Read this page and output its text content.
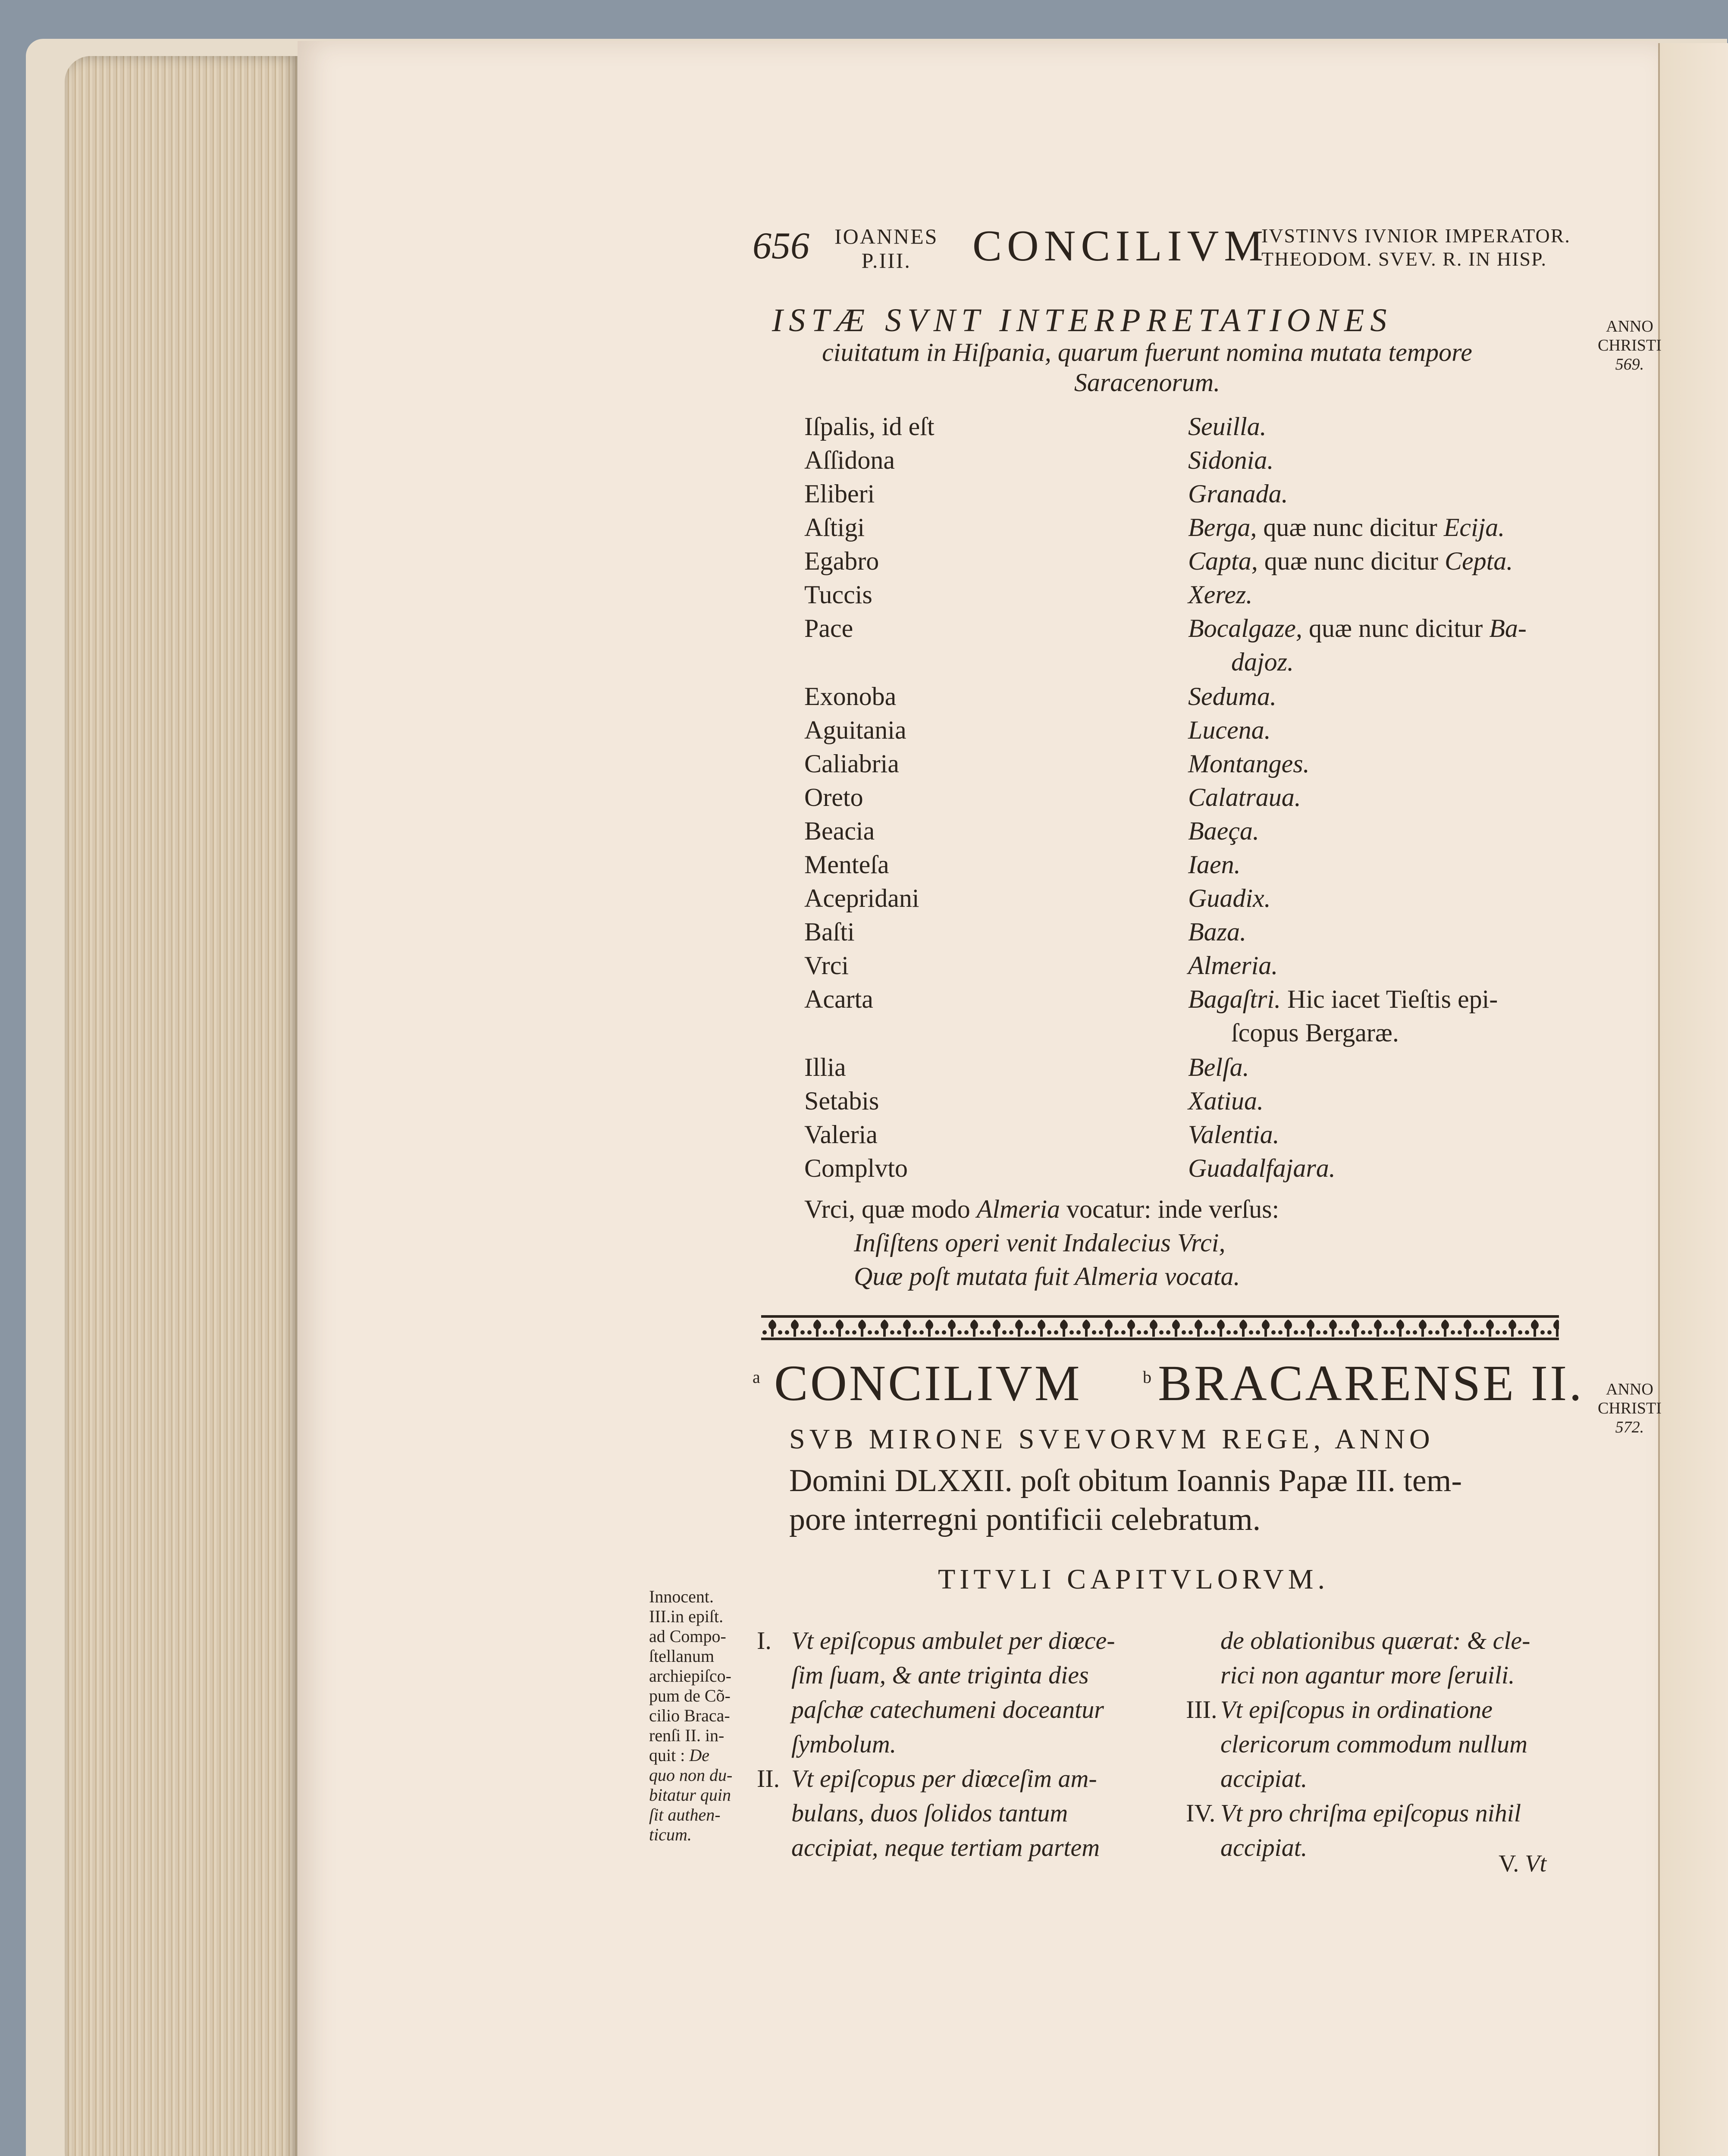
656 IOANNES
P.III.	CONCILIVM
IVSTINVS IVNIOR IMPERATOR.
THEODOM. SVEV. R. IN HISP.
ANNO
CHRISTI
569.
ISTÆ SVNT INTERPRETATIONES
ciuitatum in Hiſpania, quarum fuerunt nomina mutata tempore Saracenorum.
Iſpalis, id eſt	Seuilla.
Aſſidona	Sidonia.
Eliberi	Granada.
Aſtigi	Berga, quæ nunc dicitur Ecija.
Egabro	Capta, quæ nunc dicitur Cepta.
Tuccis	Xerez.
Pace	Bocalgaze, quæ nunc dicitur Ba-
dajoz.
Exonoba	Seduma.
Aguitania	Lucena.
Caliabria	Montanges.
Oreto	Calatraua.
Beacia	Baeça.
Menteſa	Iaen.
Acepridani	Guadix.
Baſti	Baza.
Vrci	Almeria.
Acarta	Bagaſtri. Hic iacet Tieſtis epi-
ſcopus Bergaræ.
Illia	Belſa.
Setabis	Xatiua.
Valeria	Valentia.
Complvto	Guadalfajara.
Vrci, quæ modo Almeria vocatur: inde verſus:
Inſiſtens operi venit Indalecius Vrci,
Quæ poſt mutata fuit Almeria vocata.
a CONCILIVM	b BRACARENSE II.	ANNO
CHRISTI
572.
SVB MIRONE SVEVORVM REGE, ANNO
Domini DLXXII. poſt obitum Ioannis Papæ III. tem-
pore interregni pontificii celebratum.
TITVLI CAPITVLORVM.
Innocent.
III.in epiſt.
ad Compo-
ſtellanum
archiepiſco-
pum de Cõ-
cilio Braca-
renſi II. in-
quit : De
quo non du-
bitatur quin
ſit authen-
ticum.
I. Vt epiſcopus ambulet per diœce-
ſim ſuam, & ante triginta dies
paſchæ catechumeni doceantur
ſymbolum.
II. Vt epiſcopus per diœceſim am-
bulans, duos ſolidos tantum
accipiat, neque tertiam partem
de oblationibus quærat: & cle-
rici non agantur more ſeruili.
III. Vt epiſcopus in ordinatione
clericorum commodum nullum
accipiat.
IV. Vt pro chriſma epiſcopus nihil
accipiat.
V. Vt
